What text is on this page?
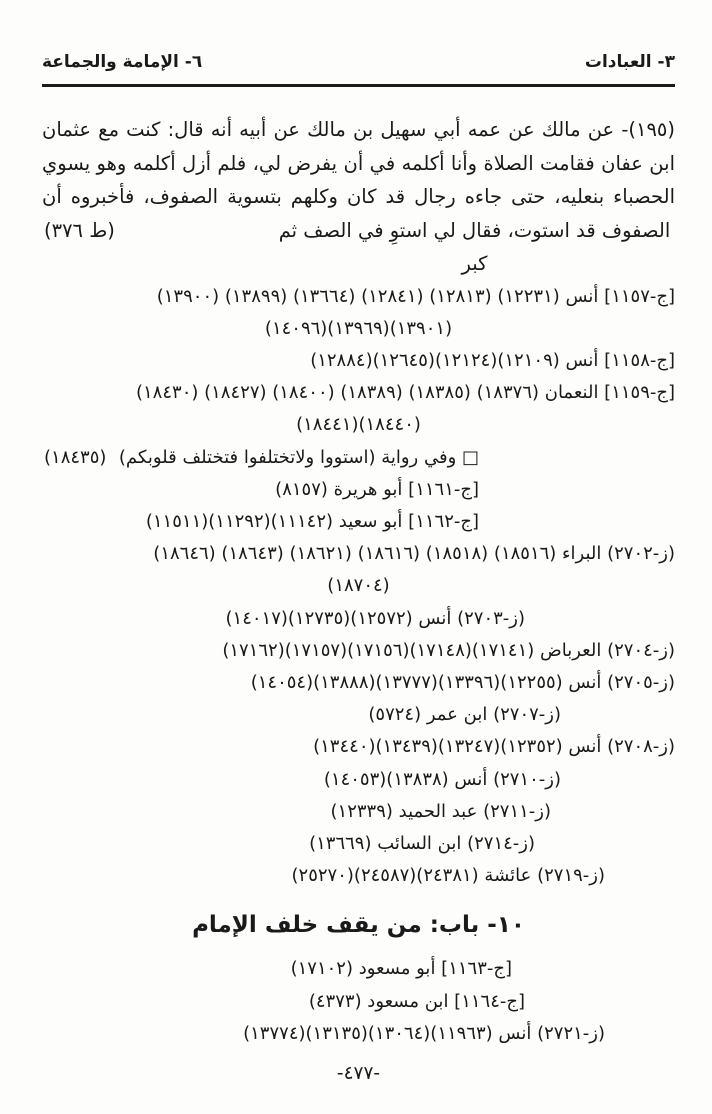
٣- العبادات
٦- الإمامة والجماعة
(١٩٥)- عن مالك عن عمه أبي سهيل بن مالك عن أبيه أنه قال: كنت مع عثمان
ابن عفان فقامت الصلاة وأنا أكلمه في أن يفرض لي، فلم أزل أكلمه وهو يسوي
الحصباء بنعليه، حتى جاءه رجال قد كان وكلهم بتسوية الصفوف، فأخبروه أن
الصفوف قد استوت، فقال لي استوِ في الصف ثم كبر
(ط ٣٧٦)
[ج-١١٥٧] أنس (١٢٢٣١) (١٢٨١٣) (١٢٨٤١) (١٣٦٦٤) (١٣٨٩٩) (١٣٩٠٠)
(١٣٩٠١)(١٣٩٦٩)(١٤٠٩٦)
[ج-١١٥٨] أنس (١٢١٠٩)(١٢١٢٤)(١٢٦٤٥)(١٢٨٨٤)
[ج-١١٥٩] النعمان (١٨٣٧٦) (١٨٣٨٥) (١٨٣٨٩) (١٨٤٠٠) (١٨٤٢٧) (١٨٤٣٠)
(١٨٤٤٠)(١٨٤٤١)
□ وفي رواية (استووا ولاتختلفوا فتختلف قلوبكم)
(١٨٤٣٥)
[ج-١١٦١] أبو هريرة (٨١٥٧)
[ج-١١٦٢] أبو سعيد (١١١٤٢)(١١٢٩٢)(١١٥١١)
(ز-٢٧٠٢) البراء (١٨٥١٦) (١٨٥١٨) (١٨٦١٦) (١٨٦٢١) (١٨٦٤٣) (١٨٦٤٦)
(١٨٧٠٤)
(ز-٢٧٠٣) أنس (١٢٥٧٢)(١٢٧٣٥)(١٤٠١٧)
(ز-٢٧٠٤) العرباض (١٧١٤١)(١٧١٤٨)(١٧١٥٦)(١٧١٥٧)(١٧١٦٢)
(ز-٢٧٠٥) أنس (١٢٢٥٥)(١٣٣٩٦)(١٣٧٧٧)(١٣٨٨٨)(١٤٠٥٤)
(ز-٢٧٠٧) ابن عمر (٥٧٢٤)
(ز-٢٧٠٨) أنس (١٢٣٥٢)(١٣٢٤٧)(١٣٤٣٩)(١٣٤٤٠)
(ز-٢٧١٠) أنس (١٣٨٣٨)(١٤٠٥٣)
(ز-٢٧١١) عبد الحميد (١٢٣٣٩)
(ز-٢٧١٤) ابن السائب (١٣٦٦٩)
(ز-٢٧١٩) عائشة (٢٤٣٨١)(٢٤٥٨٧)(٢٥٢٧٠)
١٠- باب: من يقف خلف الإمام
[ج-١١٦٣] أبو مسعود (١٧١٠٢)
[ج-١١٦٤] ابن مسعود (٤٣٧٣)
(ز-٢٧٢١) أنس (١١٩٦٣)(١٣٠٦٤)(١٣١٣٥)(١٣٧٧٤)
-٤٧٧-
